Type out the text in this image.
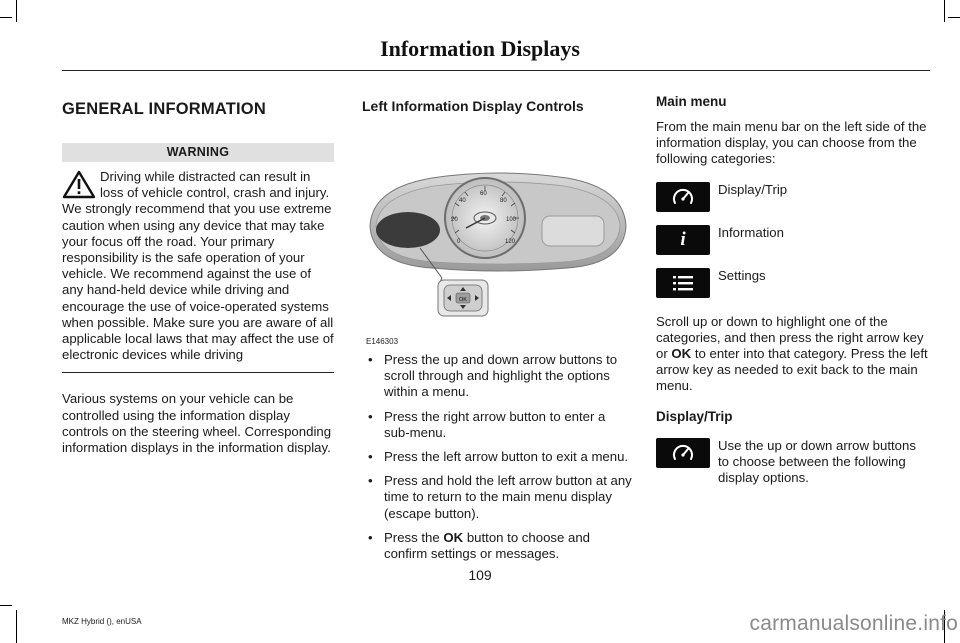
Information Displays
GENERAL INFORMATION
WARNING
Driving while distracted can result in loss of vehicle control, crash and injury. We strongly recommend that you use extreme caution when using any device that may take your focus off the road. Your primary responsibility is the safe operation of your vehicle. We recommend against the use of any hand-held device while driving and encourage the use of voice-operated systems when possible. Make sure you are aware of all applicable local laws that may affect the use of electronic devices while driving

Various systems on your vehicle can be controlled using the information display controls on the steering wheel. Corresponding information displays in the information display.

Left Information Display Controls
0
20
40
60
80
100
120
OK
E146303
• Press the up and down arrow buttons to scroll through and highlight the options within a menu.
• Press the right arrow button to enter a sub-menu.
• Press the left arrow button to exit a menu.
• Press and hold the left arrow button at any time to return to the main menu display (escape button).
• Press the OK button to choose and confirm settings or messages.
Main menu

From the main menu bar on the left side of the information display, you can choose from the following categories:

Display/Trip
i Information
Settings

Scroll up or down to highlight one of the categories, and then press the right arrow key or OK to enter into that category. Press the left arrow key as needed to exit back to the main menu.

Display/Trip

Use the up or down arrow buttons to choose between the following display options.

109
MKZ Hybrid (), enUSA	carmanualsonline.info
